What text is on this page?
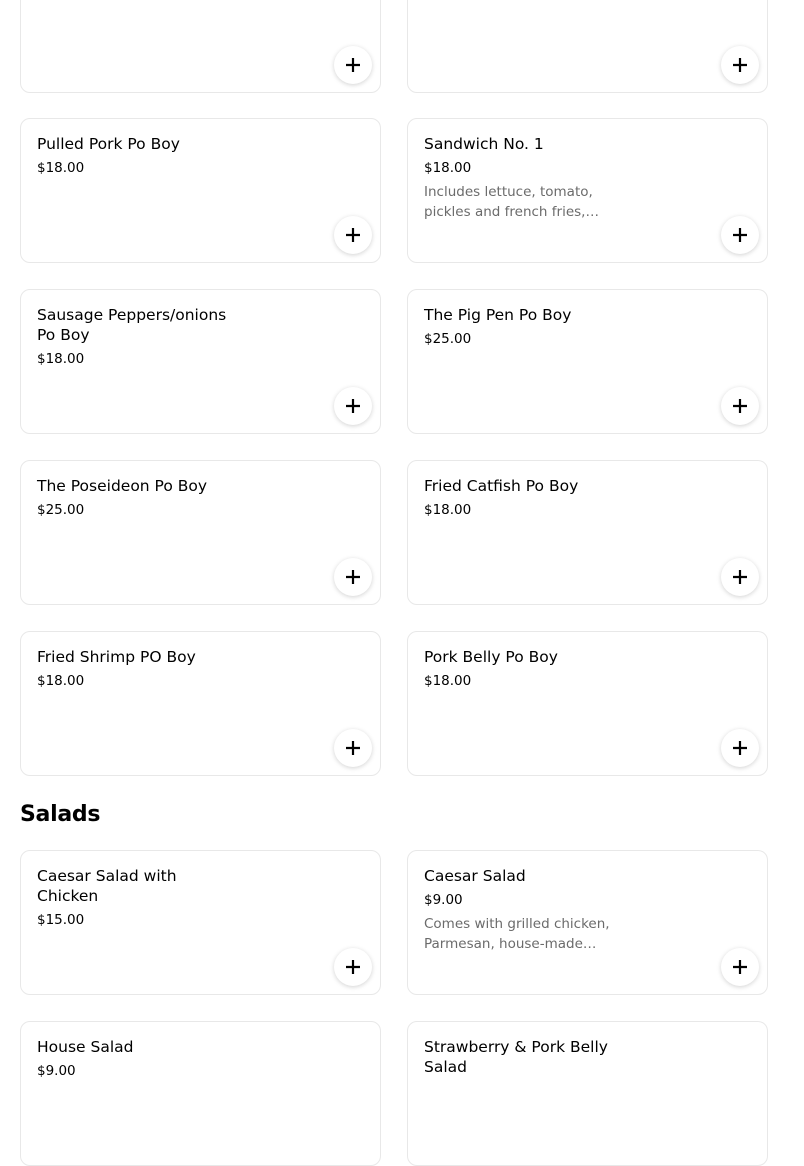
Pulled Pork Po Boy
$18.00
Sandwich No. 1
$18.00
Includes lettuce, tomato, pickles and french fries,…
Sausage Peppers/onions Po Boy
$18.00
The Pig Pen Po Boy
$25.00
The Poseideon Po Boy
$25.00
Fried Catfish Po Boy
$18.00
Fried Shrimp PO Boy
$18.00
Pork Belly Po Boy
$18.00
Salads
Caesar Salad with Chicken
$15.00
Caesar Salad
$9.00
Comes with grilled chicken, Parmesan, house-made…
House Salad
$9.00
Strawberry & Pork Belly Salad
